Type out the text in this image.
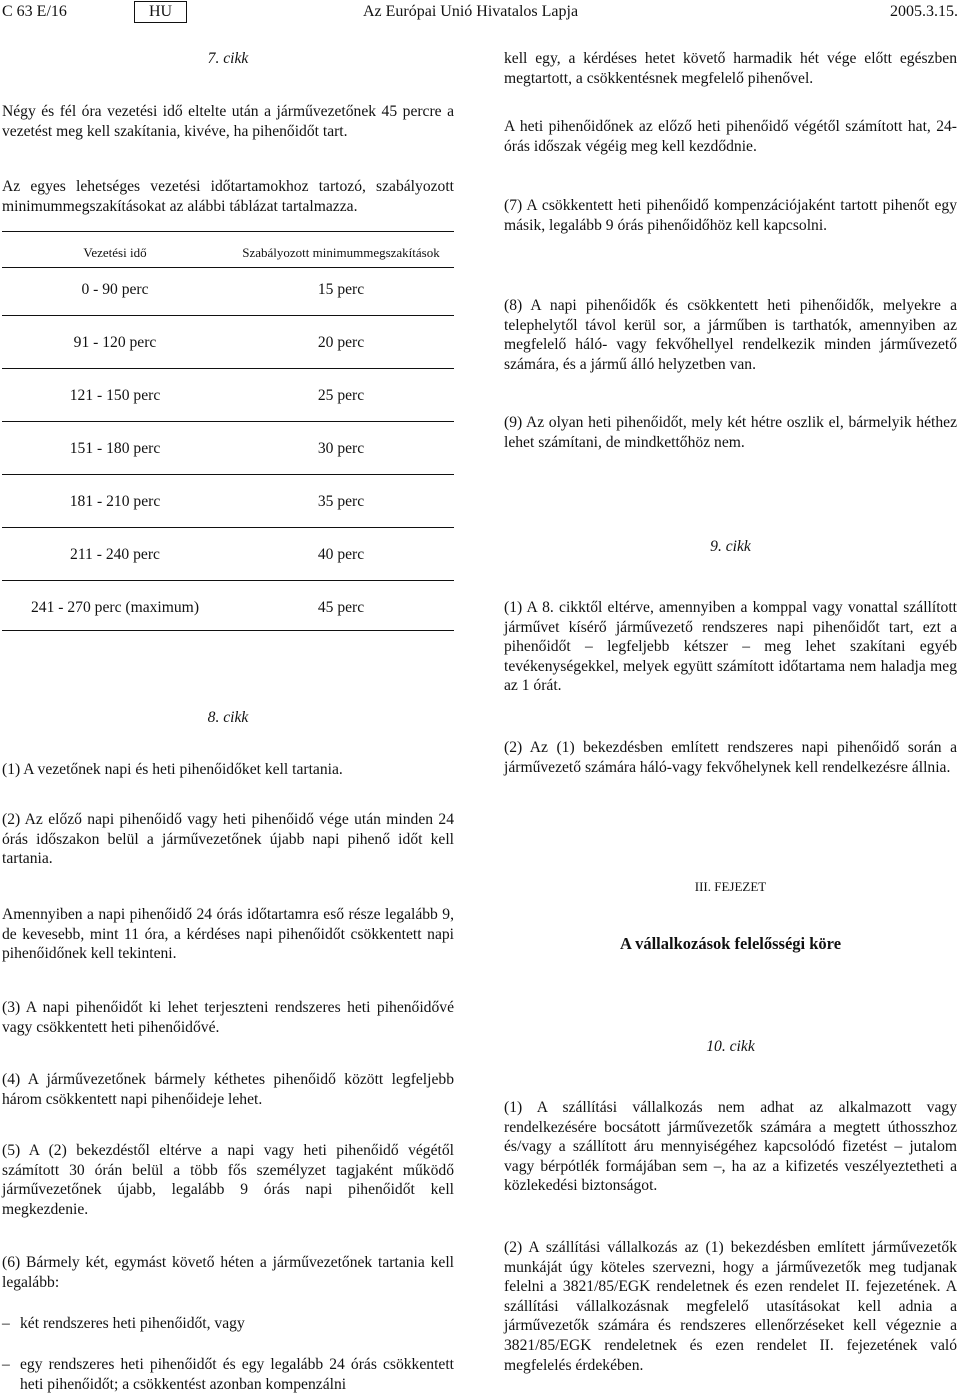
C 63 E/16	HU	Az Európai Unió Hivatalos Lapja	2005.3.15.
7. cikk

Négy és fél óra vezetési idő eltelte után a járművezetőnek 45 percre a vezetést meg kell szakítania, kivéve, ha pihenőidőt tart.

Az egyes lehetséges vezetési időtartamokhoz tartozó, szabályozott minimummegszakításokat az alábbi táblázat tartalmazza.

Vezetési idő	Szabályozott minimummegszakítások
0 - 90 perc	15 perc
91 - 120 perc	20 perc
121 - 150 perc	25 perc
151 - 180 perc	30 perc
181 - 210 perc	35 perc
211 - 240 perc	40 perc
241 - 270 perc (maximum)	45 perc
8. cikk

(1) A vezetőnek napi és heti pihenőidőket kell tartania.

(2) Az előző napi pihenőidő vagy heti pihenőidő vége után minden 24 órás időszakon belül a járművezetőnek újabb napi pihenő időt kell tartania.

Amennyiben a napi pihenőidő 24 órás időtartamra eső része legalább 9, de kevesebb, mint 11 óra, a kérdéses napi pihenőidőt csökkentett napi pihenőidőnek kell tekinteni.

(3) A napi pihenőidőt ki lehet terjeszteni rendszeres heti pihenőidővé vagy csökkentett heti pihenőidővé.

(4) A járművezetőnek bármely kéthetes pihenőidő között legfeljebb három csökkentett napi pihenőideje lehet.

(5) A (2) bekezdéstől eltérve a napi vagy heti pihenőidő végétől számított 30 órán belül a több fős személyzet tagjaként működő járművezetőnek újabb, legalább 9 órás napi pihenőidőt kell megkezdenie.

(6) Bármely két, egymást követő héten a járművezetőnek tartania kell legalább:

– két rendszeres heti pihenőidőt, vagy

– egy rendszeres heti pihenőidőt és egy legalább 24 órás csökkentett heti pihenőidőt; a csökkentést azonban kompenzálni

kell egy, a kérdéses hetet követő harmadik hét vége előtt egészben megtartott, a csökkentésnek megfelelő pihenővel.

A heti pihenőidőnek az előző heti pihenőidő végétől számított hat, 24-órás időszak végéig meg kell kezdődnie.

(7) A csökkentett heti pihenőidő kompenzációjaként tartott pihenőt egy másik, legalább 9 órás pihenőidőhöz kell kapcsolni.

(8) A napi pihenőidők és csökkentett heti pihenőidők, melyekre a telephelytől távol kerül sor, a járműben is tarthatók, amennyiben az megfelelő háló- vagy fekvőhellyel rendelkezik minden járművezető számára, és a jármű álló helyzetben van.

(9) Az olyan heti pihenőidőt, mely két hétre oszlik el, bármelyik héthez lehet számítani, de mindkettőhöz nem.

9. cikk

(1) A 8. cikktől eltérve, amennyiben a komppal vagy vonattal szállított járművet kísérő járművezető rendszeres napi pihenőidőt tart, ezt a pihenőidőt – legfeljebb kétszer – meg lehet szakítani egyéb tevékenységekkel, melyek együtt számított időtartama nem haladja meg az 1 órát.

(2) Az (1) bekezdésben említett rendszeres napi pihenőidő során a járművezető számára háló-vagy fekvőhelynek kell rendelkezésre állnia.

III. FEJEZET
A vállalkozások felelősségi köre
10. cikk

(1) A szállítási vállalkozás nem adhat az alkalmazott vagy rendelkezésére bocsátott járművezetők számára a megtett úthosszhoz és/vagy a szállított áru mennyiségéhez kapcsolódó fizetést – jutalom vagy bérpótlék formájában sem –, ha az a kifizetés veszélyeztetheti a közlekedési biztonságot.

(2) A szállítási vállalkozás az (1) bekezdésben említett járművezetők munkáját úgy köteles szervezni, hogy a járművezetők meg tudjanak felelni a 3821/85/EGK rendeletnek és ezen rendelet II. fejezetének. A szállítási vállalkozásnak megfelelő utasításokat kell adnia a járművezetők számára és rendszeres ellenőrzéseket kell végeznie a 3821/85/EGK rendeletnek és ezen rendelet II. fejezetének való megfelelés érdekében.
